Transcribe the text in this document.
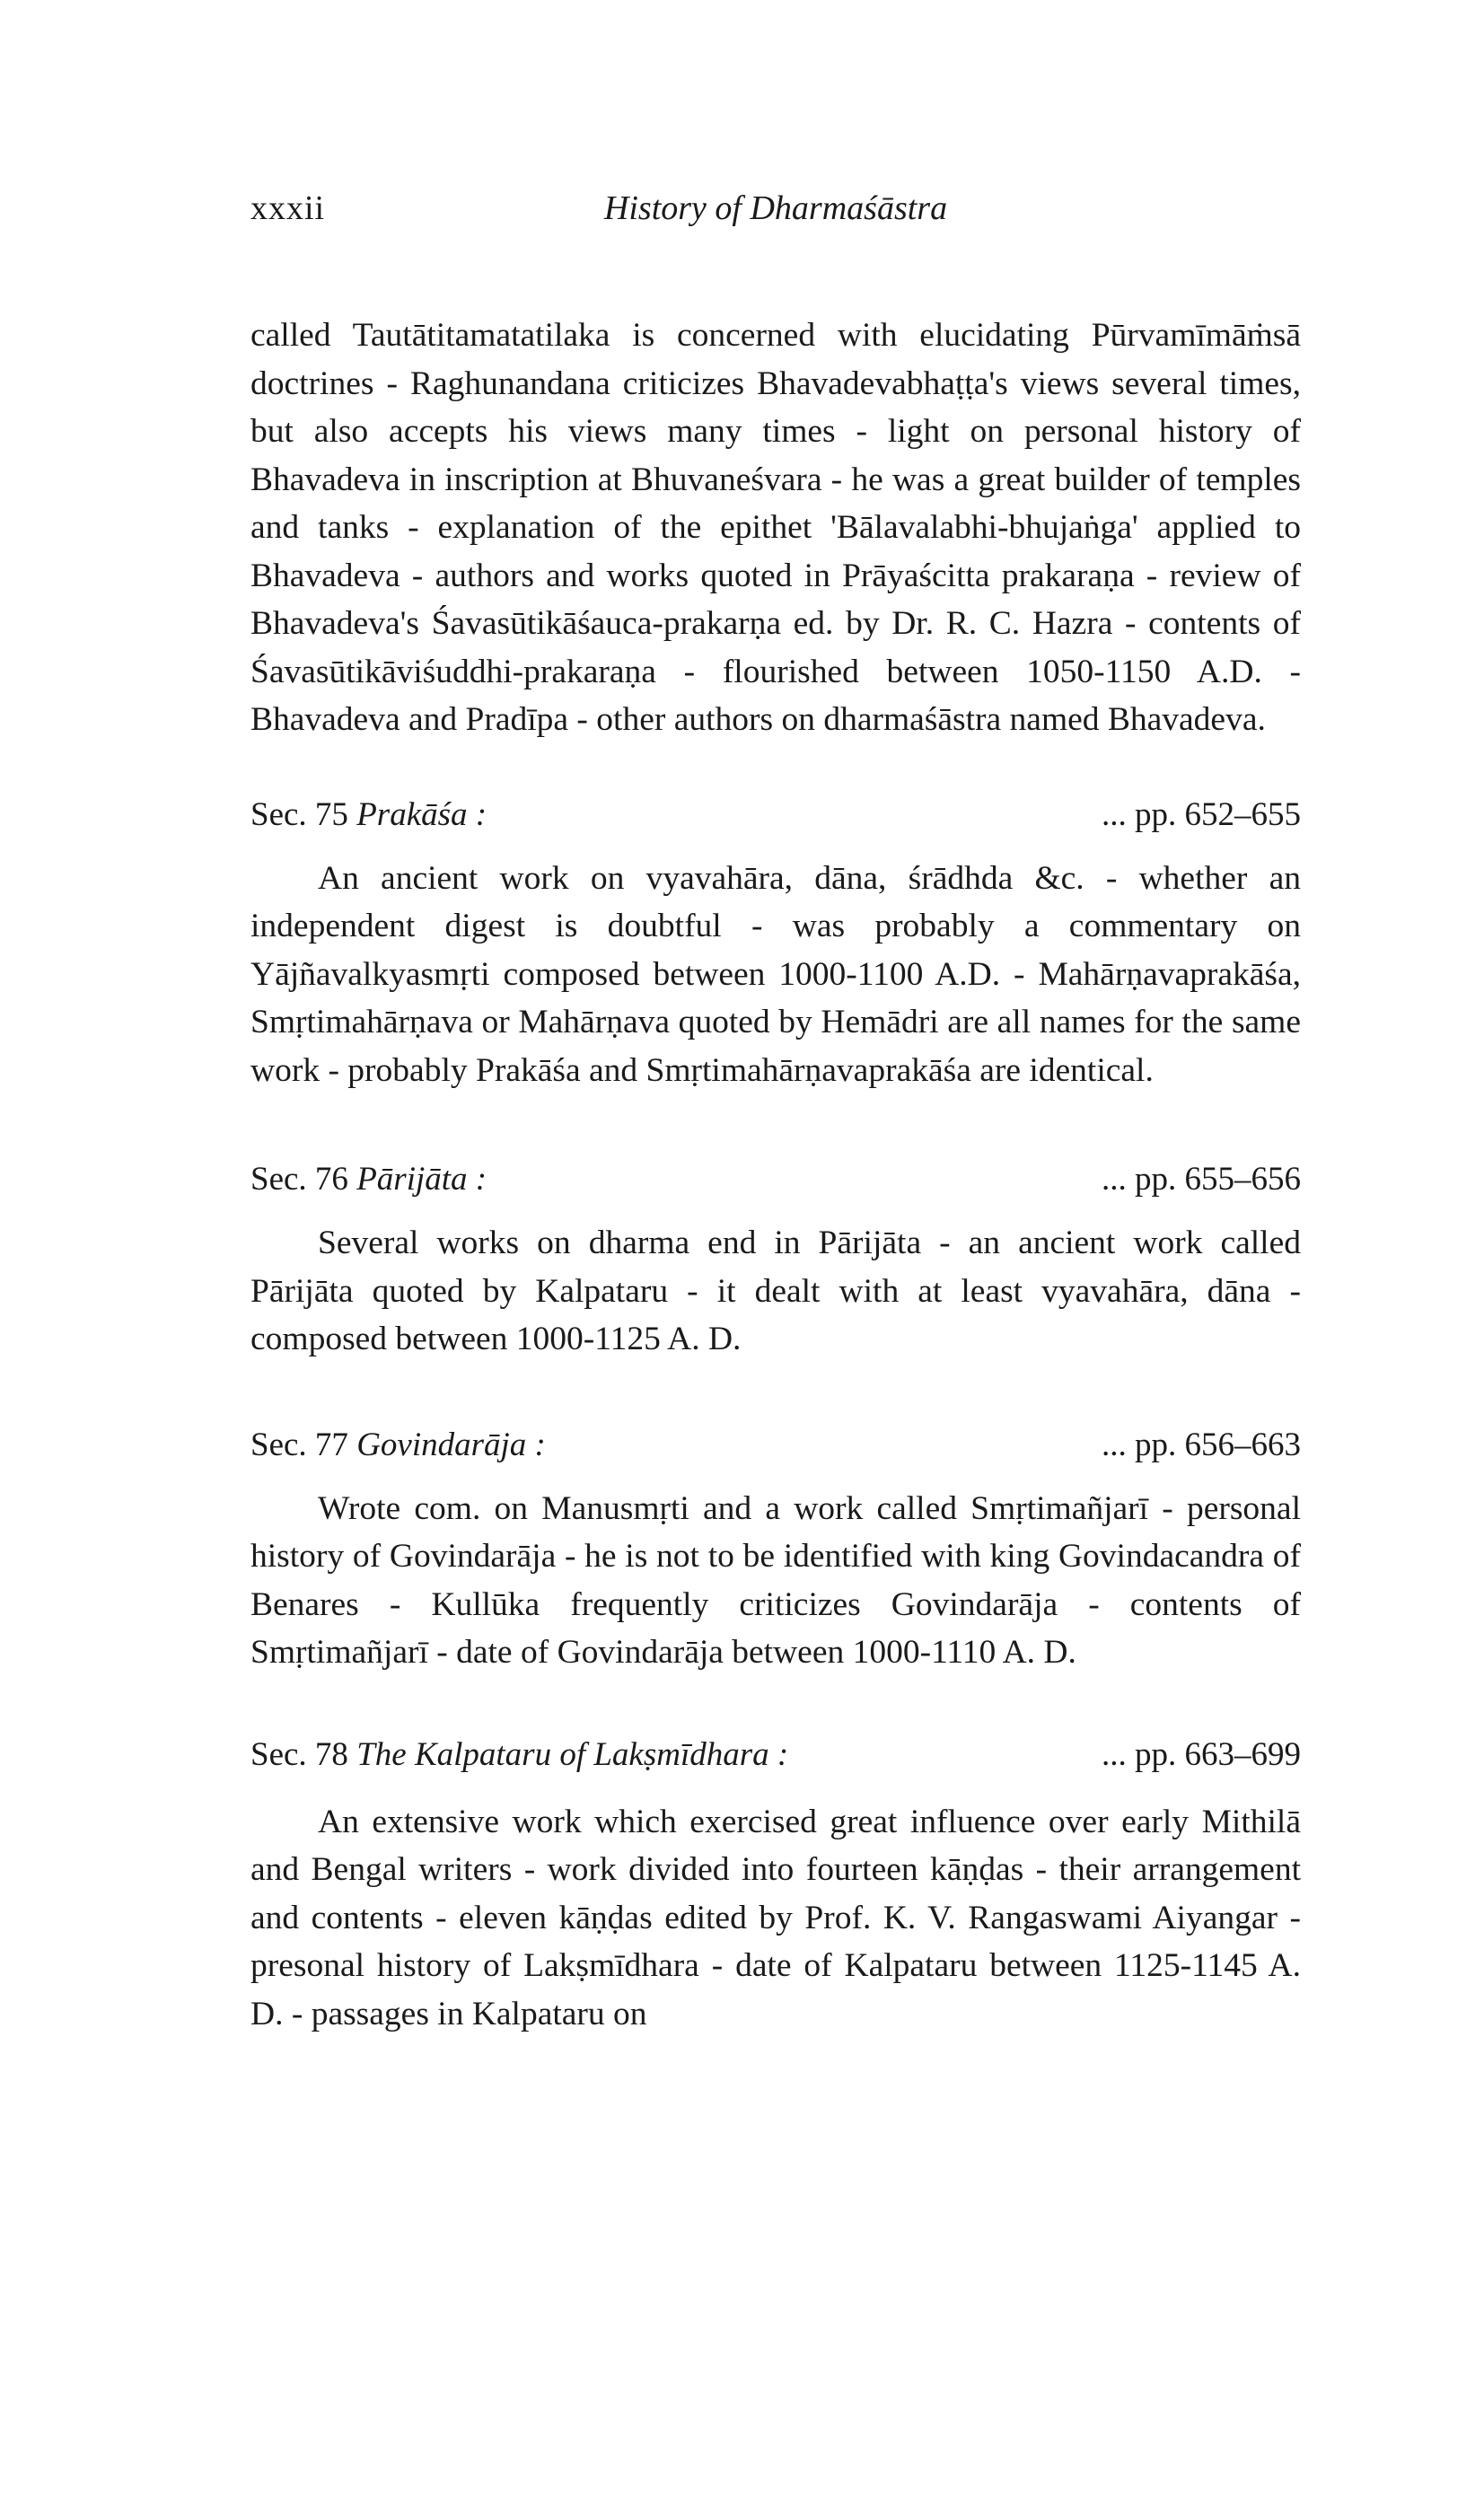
xxxii	History of Dharmaśāstra

called Tautātitamatatilaka is concerned with elucidating Pūrvamīmāṁsā doctrines - Raghunandana criticizes Bhavadevabhaṭṭa's views several times, but also accepts his views many times - light on personal history of Bhavadeva in inscription at Bhuvaneśvara - he was a great builder of temples and tanks - explanation of the epithet 'Bālavalabhi-bhujaṅga' applied to Bhavadeva - authors and works quoted in Prāyaścitta prakaraṇa - review of Bhavadeva's Śavasūtikāśauca-prakarṇa ed. by Dr. R. C. Hazra - contents of Śavasūtikāviśuddhi-prakaraṇa - flourished between 1050-1150 A.D. - Bhavadeva and Pradīpa - other authors on dharmaśāstra named Bhavadeva.

Sec. 75 Prakāśa :	... pp. 652–655

An ancient work on vyavahāra, dāna, śrādhda &c. - whether an independent digest is doubtful - was probably a commentary on Yājñavalkyasmṛti composed between 1000-1100 A.D. - Mahārṇavaprakāśa, Smṛtimahārṇava or Mahārṇava quoted by Hemādri are all names for the same work - probably Prakāśa and Smṛtimahārṇavaprakāśa are identical.

Sec. 76 Pārijāta :	... pp. 655–656

Several works on dharma end in Pārijāta - an ancient work called Pārijāta quoted by Kalpataru - it dealt with at least vyavahāra, dāna - composed between 1000-1125 A. D.

Sec. 77 Govindarāja :	... pp. 656–663

Wrote com. on Manusmṛti and a work called Smṛtimañjarī - personal history of Govindarāja - he is not to be identified with king Govindacandra of Benares - Kullūka frequently criticizes Govindarāja - contents of Smṛtimañjarī - date of Govindarāja between 1000-1110 A. D.

Sec. 78 The Kalpataru of Lakṣmīdhara :	... pp. 663–699

An extensive work which exercised great influence over early Mithilā and Bengal writers - work divided into fourteen kāṇḍas - their arrangement and contents - eleven kāṇḍas edited by Prof. K. V. Rangaswami Aiyangar - presonal history of Lakṣmīdhara - date of Kalpataru between 1125-1145 A. D. - passages in Kalpataru on
